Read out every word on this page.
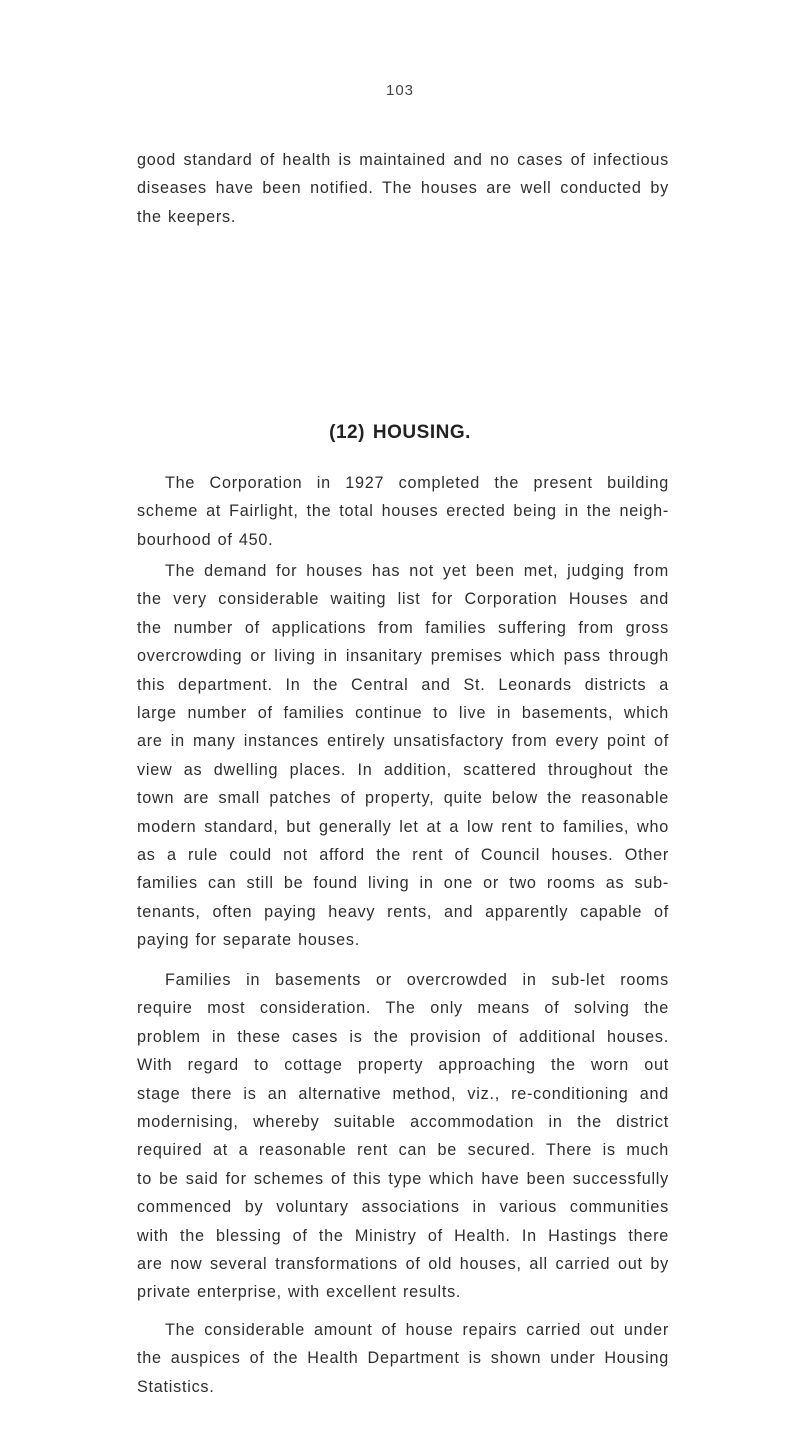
103
good standard of health is maintained and no cases of infectious
diseases have been notified. The houses are well conducted by
the keepers.
(12) HOUSING.
The Corporation in 1927 completed the present building
scheme at Fairlight, the total houses erected being in the neigh-
bourhood of 450.
The demand for houses has not yet been met, judging from
the very considerable waiting list for Corporation Houses and
the number of applications from families suffering from gross
overcrowding or living in insanitary premises which pass through
this department. In the Central and St. Leonards districts a
large number of families continue to live in basements, which
are in many instances entirely unsatisfactory from every point of
view as dwelling places. In addition, scattered throughout the
town are small patches of property, quite below the reasonable
modern standard, but generally let at a low rent to families, who
as a rule could not afford the rent of Council houses. Other
families can still be found living in one or two rooms as sub-
tenants, often paying heavy rents, and apparently capable of
paying for separate houses.
Families in basements or overcrowded in sub-let rooms
require most consideration. The only means of solving the
problem in these cases is the provision of additional houses.
With regard to cottage property approaching the worn out
stage there is an alternative method, viz., re-conditioning and
modernising, whereby suitable accommodation in the district
required at a reasonable rent can be secured. There is much
to be said for schemes of this type which have been successfully
commenced by voluntary associations in various communities
with the blessing of the Ministry of Health. In Hastings there
are now several transformations of old houses, all carried out by
private enterprise, with excellent results.
The considerable amount of house repairs carried out under
the auspices of the Health Department is shown under Housing
Statistics.
